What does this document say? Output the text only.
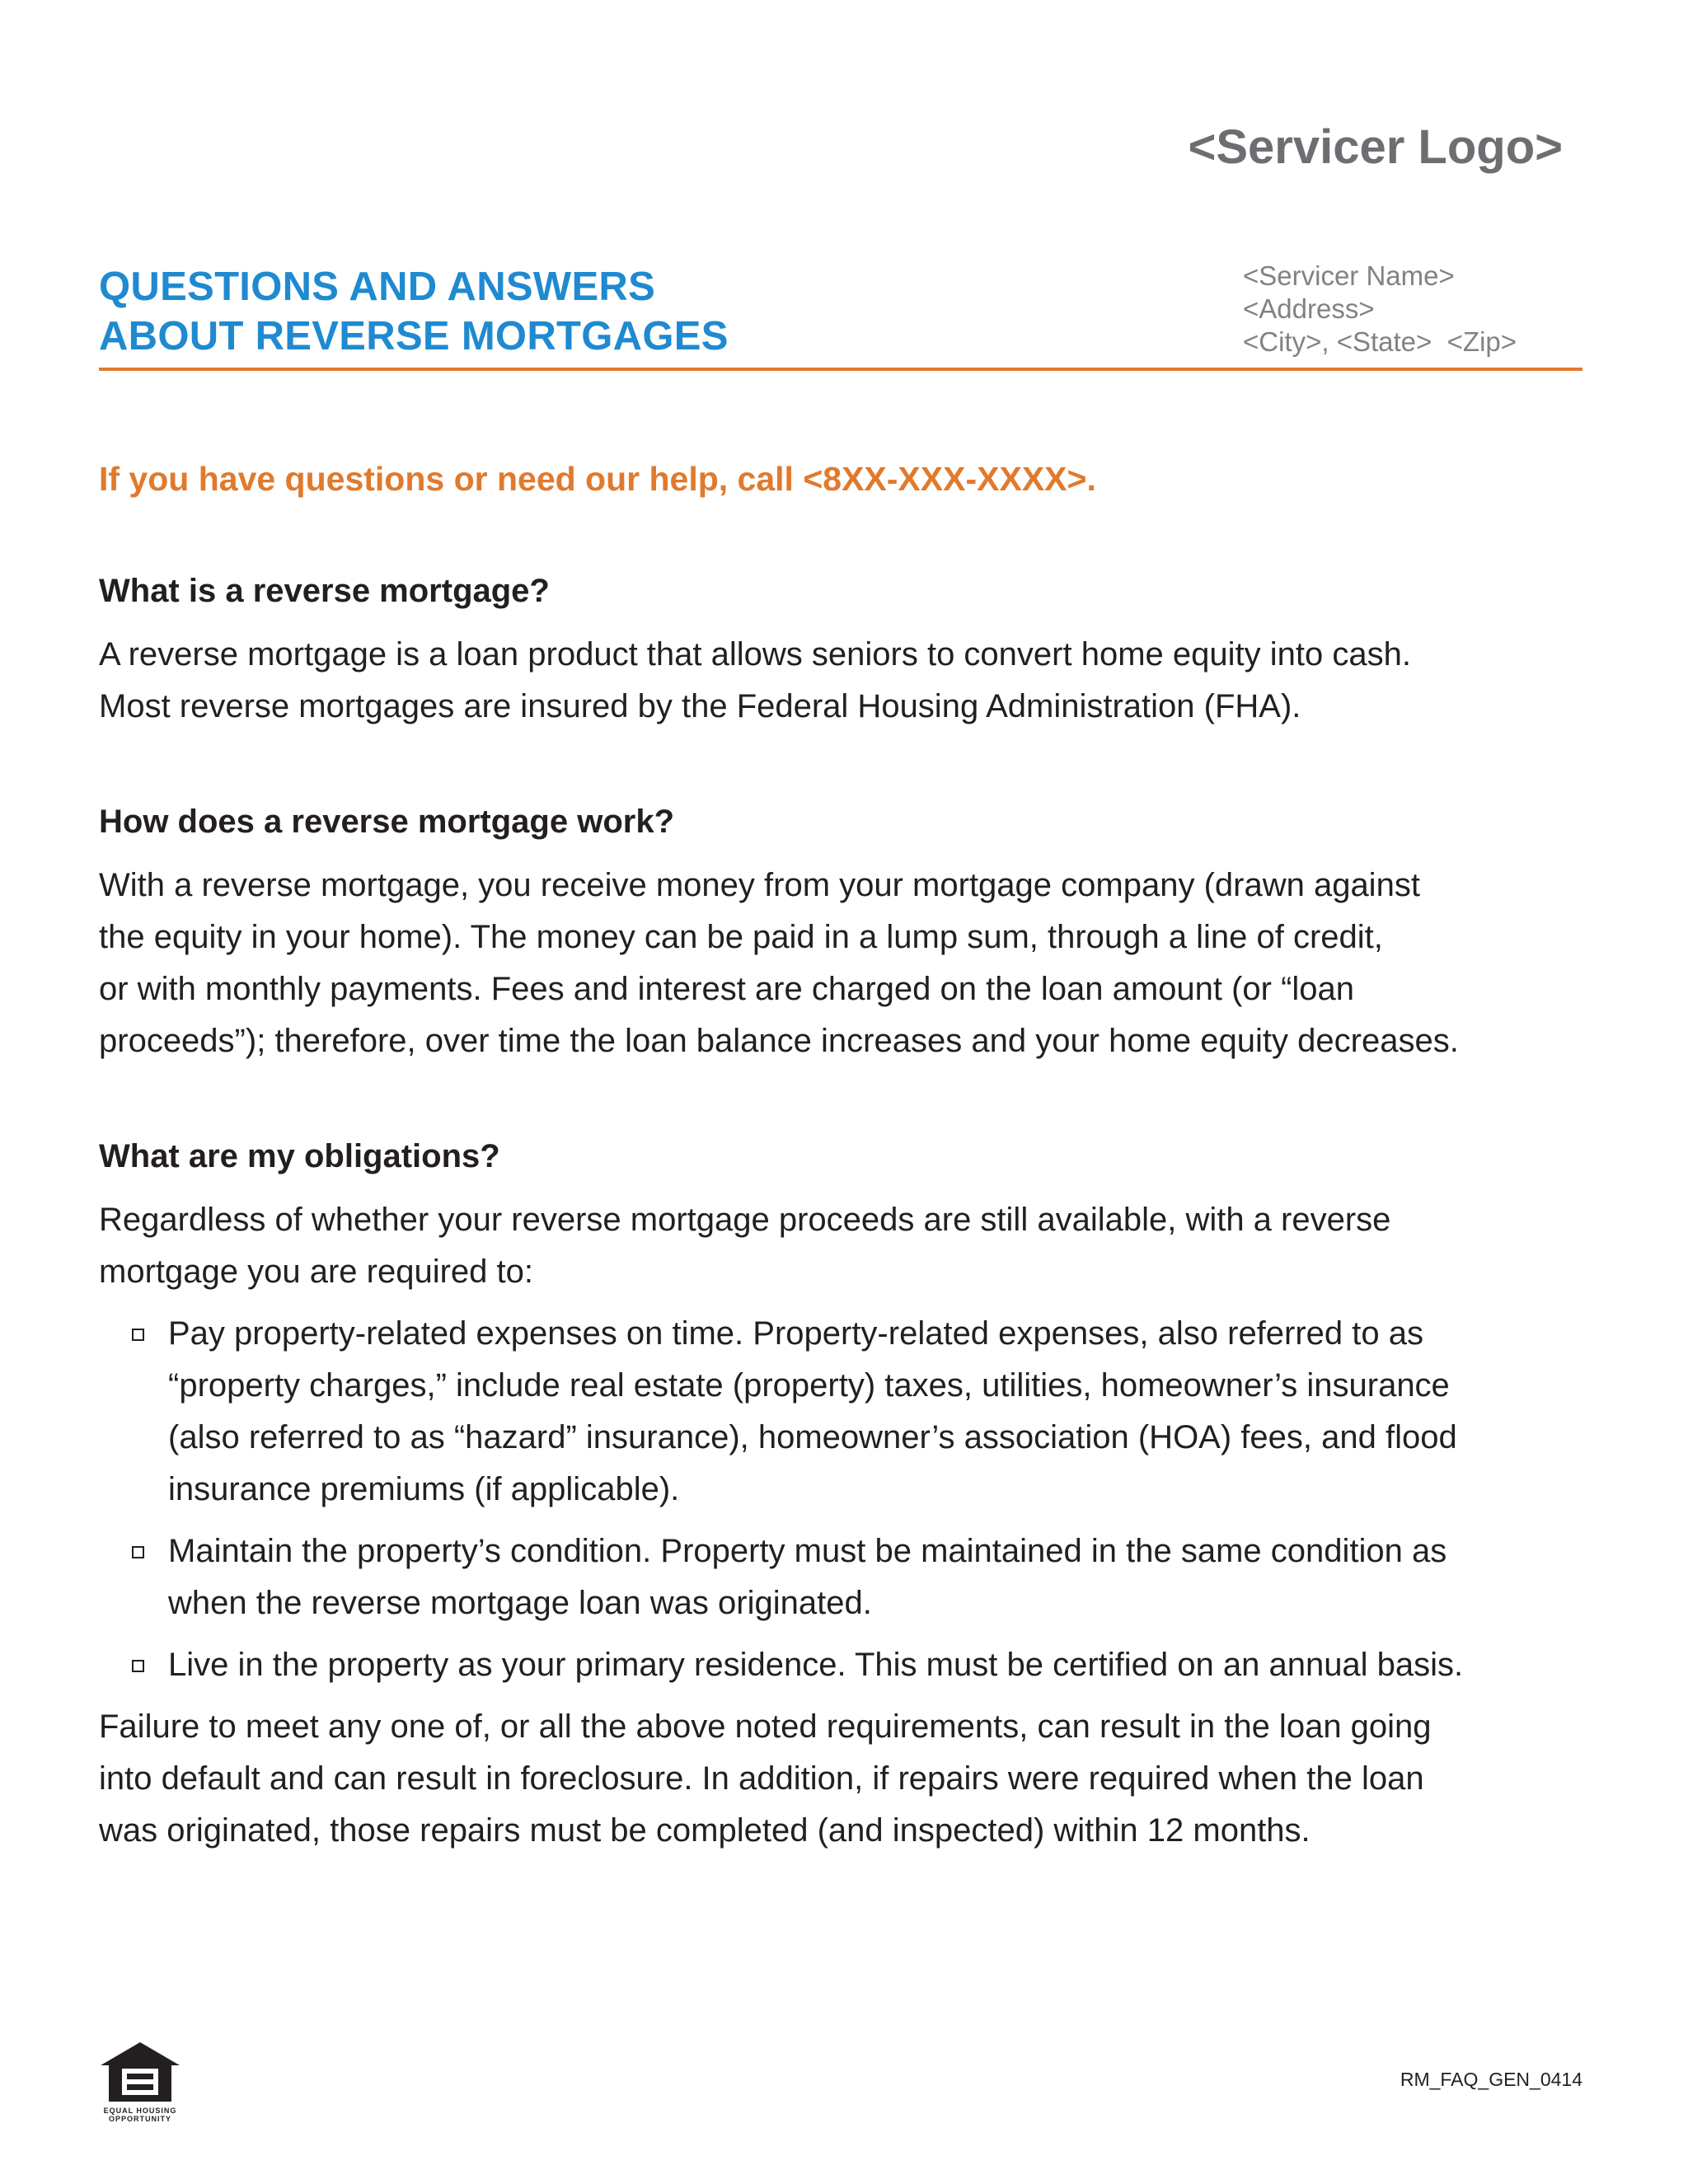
<Servicer Logo>
QUESTIONS AND ANSWERS
ABOUT REVERSE MORTGAGES
<Servicer Name>
<Address>
<City>, <State>  <Zip>

If you have questions or need our help, call <8XX-XXX-XXXX>.

What is a reverse mortgage?

A reverse mortgage is a loan product that allows seniors to convert home equity into cash.
Most reverse mortgages are insured by the Federal Housing Administration (FHA).

How does a reverse mortgage work?

With a reverse mortgage, you receive money from your mortgage company (drawn against
the equity in your home). The money can be paid in a lump sum, through a line of credit,
or with monthly payments. Fees and interest are charged on the loan amount (or “loan
proceeds”); therefore, over time the loan balance increases and your home equity decreases.

What are my obligations?

Regardless of whether your reverse mortgage proceeds are still available, with a reverse
mortgage you are required to:

Pay property-related expenses on time. Property-related expenses, also referred to as
“property charges,” include real estate (property) taxes, utilities, homeowner’s insurance
(also referred to as “hazard” insurance), homeowner’s association (HOA) fees, and flood
insurance premiums (if applicable).
Maintain the property’s condition. Property must be maintained in the same condition as
when the reverse mortgage loan was originated.
Live in the property as your primary residence. This must be certified on an annual basis.

Failure to meet any one of, or all the above noted requirements, can result in the loan going
into default and can result in foreclosure. In addition, if repairs were required when the loan
was originated, those repairs must be completed (and inspected) within 12 months.

EQUAL HOUSING
OPPORTUNITY

RM_FAQ_GEN_0414
